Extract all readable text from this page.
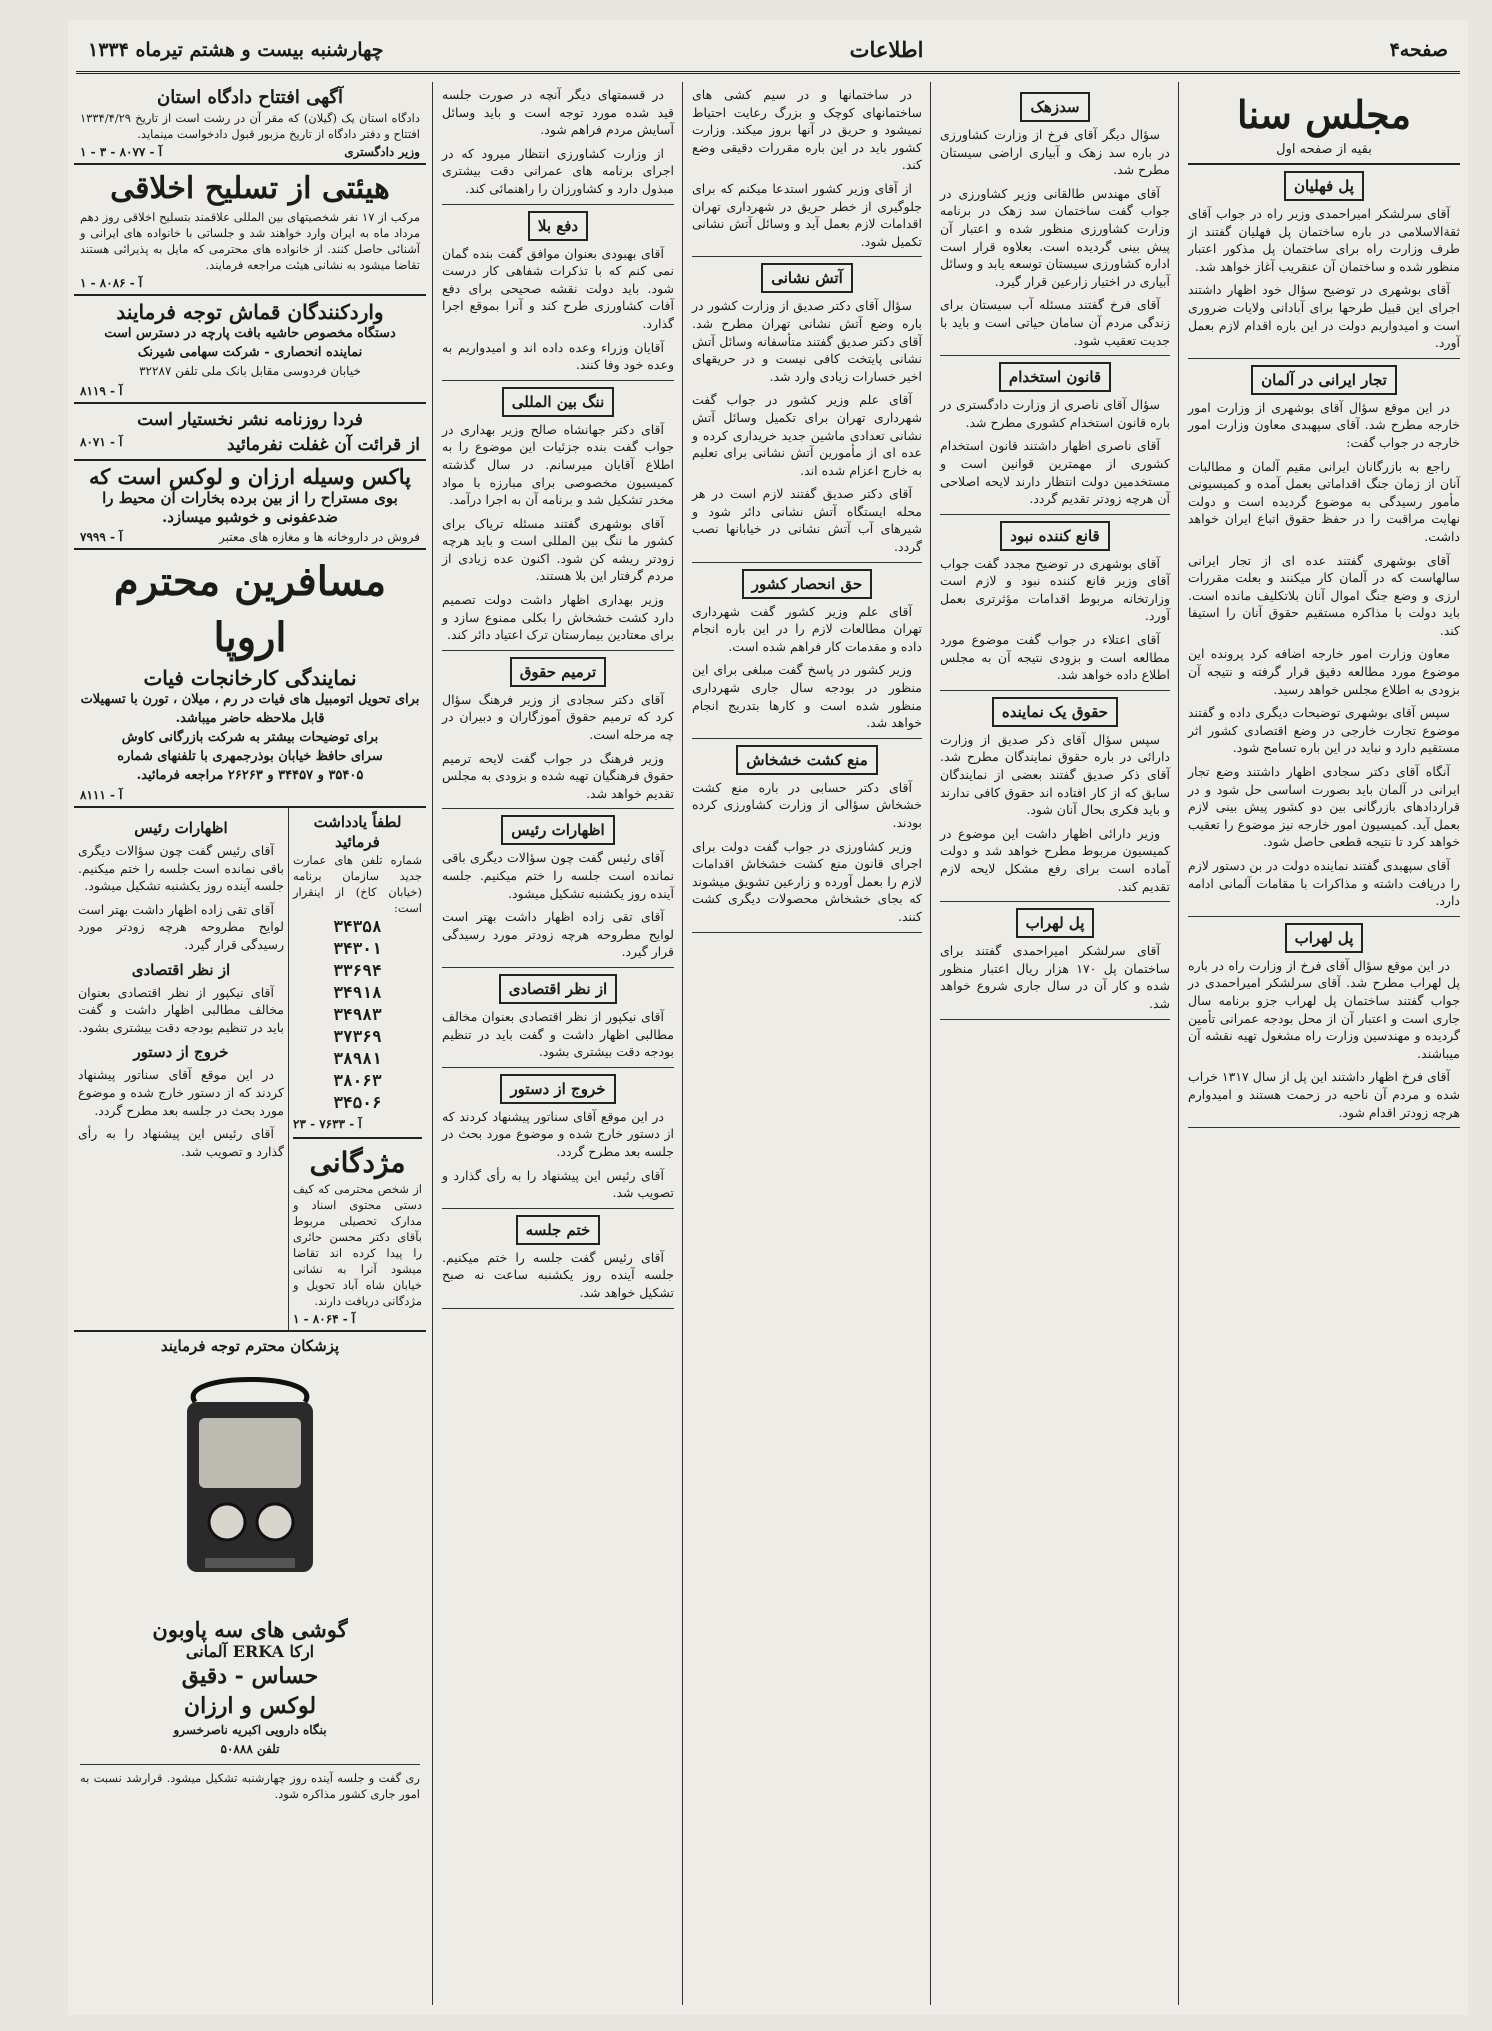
صفحه۴
اطلاعات
چهارشنبه بیست و هشتم تیرماه ۱۳۳۴
مجلس سنا
بقیه از صفحه اول
پل فهلیان

آقای سرلشکر امیراحمدی وزیر راه در جواب آقای ثقةالاسلامی در باره ساختمان پل فهلیان گفتند از طرف وزارت راه برای ساختمان پل مذکور اعتبار منظور شده و ساختمان آن عنقریب آغاز خواهد شد.

آقای بوشهری در توضیح سؤال خود اظهار داشتند اجرای این قبیل طرحها برای آبادانی ولایات ضروری است و امیدواریم دولت در این باره اقدام لازم بعمل آورد.

تجار ایرانی در آلمان

در این موقع سؤال آقای بوشهری از وزارت امور خارجه مطرح شد. آقای سپهبدی معاون وزارت امور خارجه در جواب گفت:

راجع به بازرگانان ایرانی مقیم آلمان و مطالبات آنان از زمان جنگ اقداماتی بعمل آمده و کمیسیونی مأمور رسیدگی به موضوع گردیده است و دولت نهایت مراقبت را در حفظ حقوق اتباع ایران خواهد داشت.

آقای بوشهری گفتند عده ای از تجار ایرانی سالهاست که در آلمان کار میکنند و بعلت مقررات ارزی و وضع جنگ اموال آنان بلاتکلیف مانده است. باید دولت با مذاکره مستقیم حقوق آنان را استیفا کند.

معاون وزارت امور خارجه اضافه کرد پرونده این موضوع مورد مطالعه دقیق قرار گرفته و نتیجه آن بزودی به اطلاع مجلس خواهد رسید.

سپس آقای بوشهری توضیحات دیگری داده و گفتند موضوع تجارت خارجی در وضع اقتصادی کشور اثر مستقیم دارد و نباید در این باره تسامح شود.

آنگاه آقای دکتر سجادی اظهار داشتند وضع تجار ایرانی در آلمان باید بصورت اساسی حل شود و در قراردادهای بازرگانی بین دو کشور پیش بینی لازم بعمل آید. کمیسیون امور خارجه نیز موضوع را تعقیب خواهد کرد تا نتیجه قطعی حاصل شود.

آقای سپهبدی گفتند نماینده دولت در بن دستور لازم را دریافت داشته و مذاکرات با مقامات آلمانی ادامه دارد.

پل لهراب

در این موقع سؤال آقای فرخ از وزارت راه در باره پل لهراب مطرح شد. آقای سرلشکر امیراحمدی در جواب گفتند ساختمان پل لهراب جزو برنامه سال جاری است و اعتبار آن از محل بودجه عمرانی تأمین گردیده و مهندسین وزارت راه مشغول تهیه نقشه آن میباشند.

آقای فرخ اظهار داشتند این پل از سال ۱۳۱۷ خراب شده و مردم آن ناحیه در زحمت هستند و امیدوارم هرچه زودتر اقدام شود.

سدزهک

سؤال دیگر آقای فرخ از وزارت کشاورزی در باره سد زهک و آبیاری اراضی سیستان مطرح شد.

آقای مهندس طالقانی وزیر کشاورزی در جواب گفت ساختمان سد زهک در برنامه وزارت کشاورزی منظور شده و اعتبار آن پیش بینی گردیده است. بعلاوه قرار است اداره کشاورزی سیستان توسعه یابد و وسائل آبیاری در اختیار زارعین قرار گیرد.

آقای فرخ گفتند مسئله آب سیستان برای زندگی مردم آن سامان حیاتی است و باید با جدیت تعقیب شود.

قانون استخدام

سؤال آقای ناصری از وزارت دادگستری در باره قانون استخدام کشوری مطرح شد.

آقای ناصری اظهار داشتند قانون استخدام کشوری از مهمترین قوانین است و مستخدمین دولت انتظار دارند لایحه اصلاحی آن هرچه زودتر تقدیم گردد.

قانع کننده نبود

آقای بوشهری در توضیح مجدد گفت جواب آقای وزیر قانع کننده نبود و لازم است وزارتخانه مربوط اقدامات مؤثرتری بعمل آورد.

آقای اعتلاء در جواب گفت موضوع مورد مطالعه است و بزودی نتیجه آن به مجلس اطلاع داده خواهد شد.

حقوق یک نماینده

سپس سؤال آقای ذکر صدیق از وزارت دارائی در باره حقوق نمایندگان مطرح شد. آقای ذکر صدیق گفتند بعضی از نمایندگان سابق که از کار افتاده اند حقوق کافی ندارند و باید فکری بحال آنان شود.

وزیر دارائی اظهار داشت این موضوع در کمیسیون مربوط مطرح خواهد شد و دولت آماده است برای رفع مشکل لایحه لازم تقدیم کند.

پل لهراب

آقای سرلشکر امیراحمدی گفتند برای ساختمان پل ۱۷۰ هزار ریال اعتبار منظور شده و کار آن در سال جاری شروع خواهد شد.

در ساختمانها و در سیم کشی های ساختمانهای کوچک و بزرگ رعایت احتیاط نمیشود و حریق در آنها بروز میکند. وزارت کشور باید در این باره مقررات دقیقی وضع کند.

از آقای وزیر کشور استدعا میکنم که برای جلوگیری از خطر حریق در شهرداری تهران اقدامات لازم بعمل آید و وسائل آتش نشانی تکمیل شود.

آتش نشانی

سؤال آقای دکتر صدیق از وزارت کشور در باره وضع آتش نشانی تهران مطرح شد. آقای دکتر صدیق گفتند متأسفانه وسائل آتش نشانی پایتخت کافی نیست و در حریقهای اخیر خسارات زیادی وارد شد.

آقای علم وزیر کشور در جواب گفت شهرداری تهران برای تکمیل وسائل آتش نشانی تعدادی ماشین جدید خریداری کرده و عده ای از مأمورین آتش نشانی برای تعلیم به خارج اعزام شده اند.

آقای دکتر صدیق گفتند لازم است در هر محله ایستگاه آتش نشانی دائر شود و شیرهای آب آتش نشانی در خیابانها نصب گردد.

حق انحصار کشور

آقای علم وزیر کشور گفت شهرداری تهران مطالعات لازم را در این باره انجام داده و مقدمات کار فراهم شده است.

وزیر کشور در پاسخ گفت مبلغی برای این منظور در بودجه سال جاری شهرداری منظور شده است و کارها بتدریج انجام خواهد شد.

منع کشت خشخاش

آقای دکتر حسابی در باره منع کشت خشخاش سؤالی از وزارت کشاورزی کرده بودند.

وزیر کشاورزی در جواب گفت دولت برای اجرای قانون منع کشت خشخاش اقدامات لازم را بعمل آورده و زارعین تشویق میشوند که بجای خشخاش محصولات دیگری کشت کنند.

در قسمتهای دیگر آنچه در صورت جلسه قید شده مورد توجه است و باید وسائل آسایش مردم فراهم شود.

از وزارت کشاورزی انتظار میرود که در اجرای برنامه های عمرانی دقت بیشتری مبذول دارد و کشاورزان را راهنمائی کند.

دفع بلا

آقای بهبودی بعنوان موافق گفت بنده گمان نمی کنم که با تذکرات شفاهی کار درست شود. باید دولت نقشه صحیحی برای دفع آفات کشاورزی طرح کند و آنرا بموقع اجرا گذارد.

آقایان وزراء وعده داده اند و امیدواریم به وعده خود وفا کنند.

ننگ بین المللی

آقای دکتر جهانشاه صالح وزیر بهداری در جواب گفت بنده جزئیات این موضوع را به اطلاع آقایان میرسانم. در سال گذشته کمیسیون مخصوصی برای مبارزه با مواد مخدر تشکیل شد و برنامه آن به اجرا درآمد.

آقای بوشهری گفتند مسئله تریاک برای کشور ما ننگ بین المللی است و باید هرچه زودتر ریشه کن شود. اکنون عده زیادی از مردم گرفتار این بلا هستند.

وزیر بهداری اظهار داشت دولت تصمیم دارد کشت خشخاش را بکلی ممنوع سازد و برای معتادین بیمارستان ترک اعتیاد دائر کند.

ترمیم حقوق

آقای دکتر سجادی از وزیر فرهنگ سؤال کرد که ترمیم حقوق آموزگاران و دبیران در چه مرحله است.

وزیر فرهنگ در جواب گفت لایحه ترمیم حقوق فرهنگیان تهیه شده و بزودی به مجلس تقدیم خواهد شد.

اظهارات رئیس

آقای رئیس گفت چون سؤالات دیگری باقی نمانده است جلسه را ختم میکنیم. جلسه آینده روز یکشنبه تشکیل میشود.

آقای تقی زاده اظهار داشت بهتر است لوایح مطروحه هرچه زودتر مورد رسیدگی قرار گیرد.

از نظر اقتصادی

آقای نیکپور از نظر اقتصادی بعنوان مخالف مطالبی اظهار داشت و گفت باید در تنظیم بودجه دقت بیشتری بشود.

خروج از دستور

در این موقع آقای سناتور پیشنهاد کردند که از دستور خارج شده و موضوع مورد بحث در جلسه بعد مطرح گردد.

آقای رئیس این پیشنهاد را به رأی گذارد و تصویب شد.

ختم جلسه

آقای رئیس گفت جلسه را ختم میکنیم. جلسه آینده روز یکشنبه ساعت نه صبح تشکیل خواهد شد.

آگهی افتتاح دادگاه استان
دادگاه استان یک (گیلان) که مقر آن در رشت است از تاریخ ۱۳۳۴/۴/۲۹ افتتاح و دفتر دادگاه از تاریخ مزبور قبول دادخواست مینماید.
وزیر دادگستری
آ - ۸۰۷۷ - ۳ - ۱
هیئتی از تسلیح اخلاقی
مرکب از ۱۷ نفر شخصیتهای بین المللی علاقمند بتسلیح اخلاقی روز دهم مرداد ماه به ایران وارد خواهند شد و جلساتی با خانواده های ایرانی و آشنائی حاصل کنند. از خانواده های محترمی که مایل به پذیرائی هستند تقاضا میشود به نشانی هیئت مراجعه فرمایند.
آ - ۸۰۸۶ - ۱
واردکنندگان قماش توجه فرمایند
دستگاه مخصوص حاشیه بافت پارچه در دسترس است
نماینده انحصاری - شرکت سهامی شیرنک
خیابان فردوسی مقابل بانک ملی تلفن ۳۲۲۸۷
آ - ۸۱۱۹
فردا روزنامه نشر نخستیار است
از قرائت آن غفلت نفرمائید
آ - ۸۰۷۱
پاکس وسیله ارزان و لوکس است که
بوی مستراح را از بین برده بخارات آن محیط را
ضدعفونی و خوشبو میسازد.
فروش در داروخانه ها و مغازه های معتبر
آ - ۷۹۹۹
مسافرین محترم اروپا
نمایندگی کارخانجات فیات
برای تحویل اتومبیل های فیات در رم ، میلان ، تورن با تسهیلات
قابل ملاحظه حاضر میباشد.
برای توضیحات بیشتر به شرکت بازرگانی کاوش
سرای حافظ خیابان بوذرجمهری با تلفنهای شماره
۳۵۴۰۵ و ۳۴۴۵۷ و ۲۶۲۶۳ مراجعه فرمائید.
آ - ۸۱۱۱
لطفاً یادداشت فرمائید
شماره تلفن های عمارت جدید سازمان برنامه (خیابان کاخ) از اینقرار است:
۳۴۳۵۸
۳۴۳۰۱
۳۳۶۹۴
۳۴۹۱۸
۳۴۹۸۳
۳۷۳۶۹
۳۸۹۸۱
۳۸۰۶۳
۳۴۵۰۶
آ - ۷۶۳۳ - ۲۳
مژدگانی
از شخص محترمی که کیف دستی محتوی اسناد و مدارک تحصیلی مربوط بآقای دکتر محسن حائری را پیدا کرده اند تقاضا میشود آنرا به نشانی خیابان شاه آباد تحویل و مژدگانی دریافت دارند.
آ - ۸۰۶۴ - ۱
اظهارات رئیس

آقای رئیس گفت چون سؤالات دیگری باقی نمانده است جلسه را ختم میکنیم. جلسه آینده روز یکشنبه تشکیل میشود.

آقای تقی زاده اظهار داشت بهتر است لوایح مطروحه هرچه زودتر مورد رسیدگی قرار گیرد.

از نظر اقتصادی

آقای نیکپور از نظر اقتصادی بعنوان مخالف مطالبی اظهار داشت و گفت باید در تنظیم بودجه دقت بیشتری بشود.

خروج از دستور

در این موقع آقای سناتور پیشنهاد کردند که از دستور خارج شده و موضوع مورد بحث در جلسه بعد مطرح گردد.

آقای رئیس این پیشنهاد را به رأی گذارد و تصویب شد.

پزشکان محترم توجه فرمایند
گوشی های سه پاوبون
ارکا ERKA آلمانی
حساس - دقیق
لوکس و ارزان
بنگاه دارویی اکبریه ناصرخسرو
تلفن ۵۰۸۸۸
ری گفت و جلسه آینده روز چهارشنبه تشکیل میشود. قرارشد نسبت به امور جاری کشور مذاکره شود.
